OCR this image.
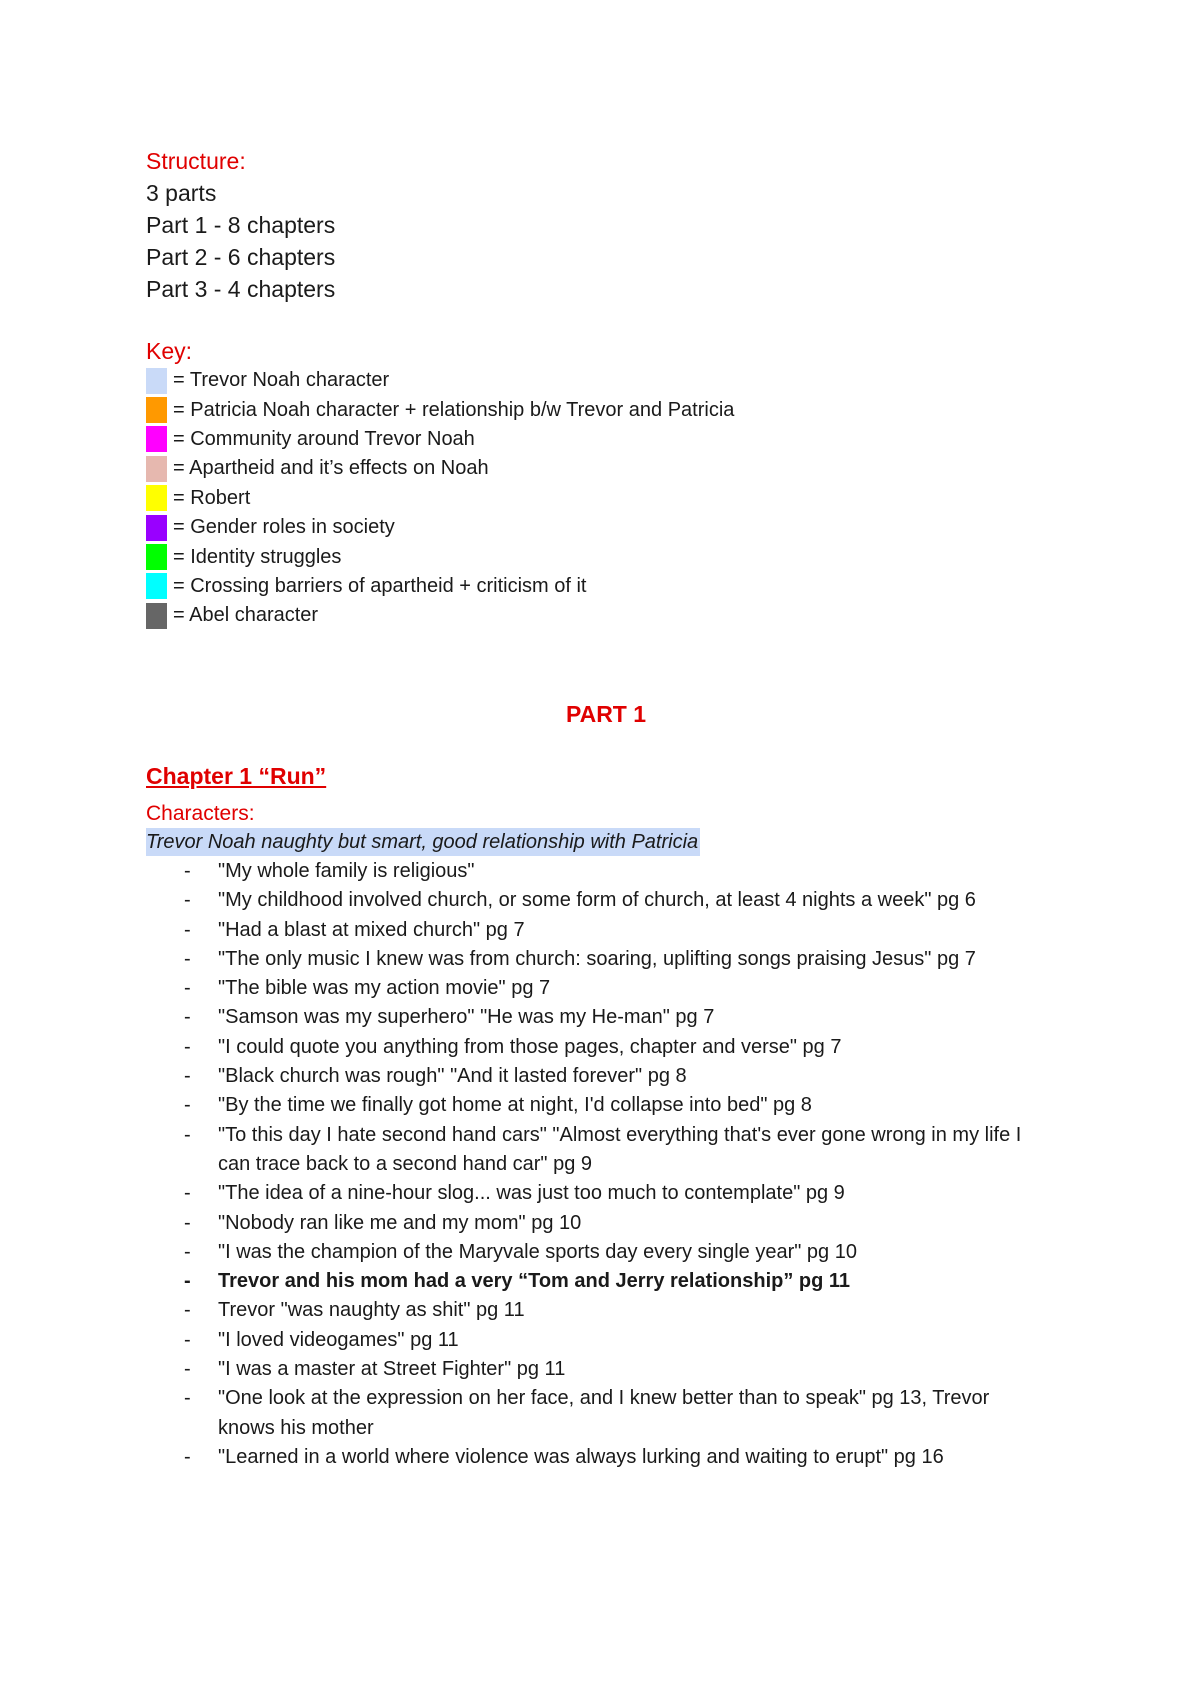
Structure:

3 parts

Part 1 - 8 chapters

Part 2 - 6 chapters

Part 3 - 4 chapters

Key:
= Trevor Noah character
= Patricia Noah character + relationship b/w Trevor and Patricia
= Community around Trevor Noah
= Apartheid and it’s effects on Noah
= Robert
= Gender roles in society
= Identity struggles
= Crossing barriers of apartheid + criticism of it
= Abel character
PART 1
Chapter 1 “Run”

Characters:

Trevor Noah naughty but smart, good relationship with Patricia

-	"My whole family is religious"
-	"My childhood involved church, or some form of church, at least 4 nights a week" pg 6
-	"Had a blast at mixed church" pg 7
-	"The only music I knew was from church: soaring, uplifting songs praising Jesus" pg 7
-	"The bible was my action movie" pg 7
-	"Samson was my superhero" "He was my He-man" pg 7
-	"I could quote you anything from those pages, chapter and verse" pg 7
-	"Black church was rough" "And it lasted forever" pg 8
-	"By the time we finally got home at night, I'd collapse into bed" pg 8
-	"To this day I hate second hand cars" "Almost everything that's ever gone wrong in my life I can trace back to a second hand car" pg 9
-	"The idea of a nine-hour slog... was just too much to contemplate" pg 9
-	"Nobody ran like me and my mom" pg 10
-	"I was the champion of the Maryvale sports day every single year" pg 10
-	Trevor and his mom had a very “Tom and Jerry relationship” pg 11
-	Trevor "was naughty as shit" pg 11
-	"I loved videogames" pg 11
-	"I was a master at Street Fighter" pg 11
-	"One look at the expression on her face, and I knew better than to speak" pg 13, Trevor knows his mother
-	"Learned in a world where violence was always lurking and waiting to erupt" pg 16
